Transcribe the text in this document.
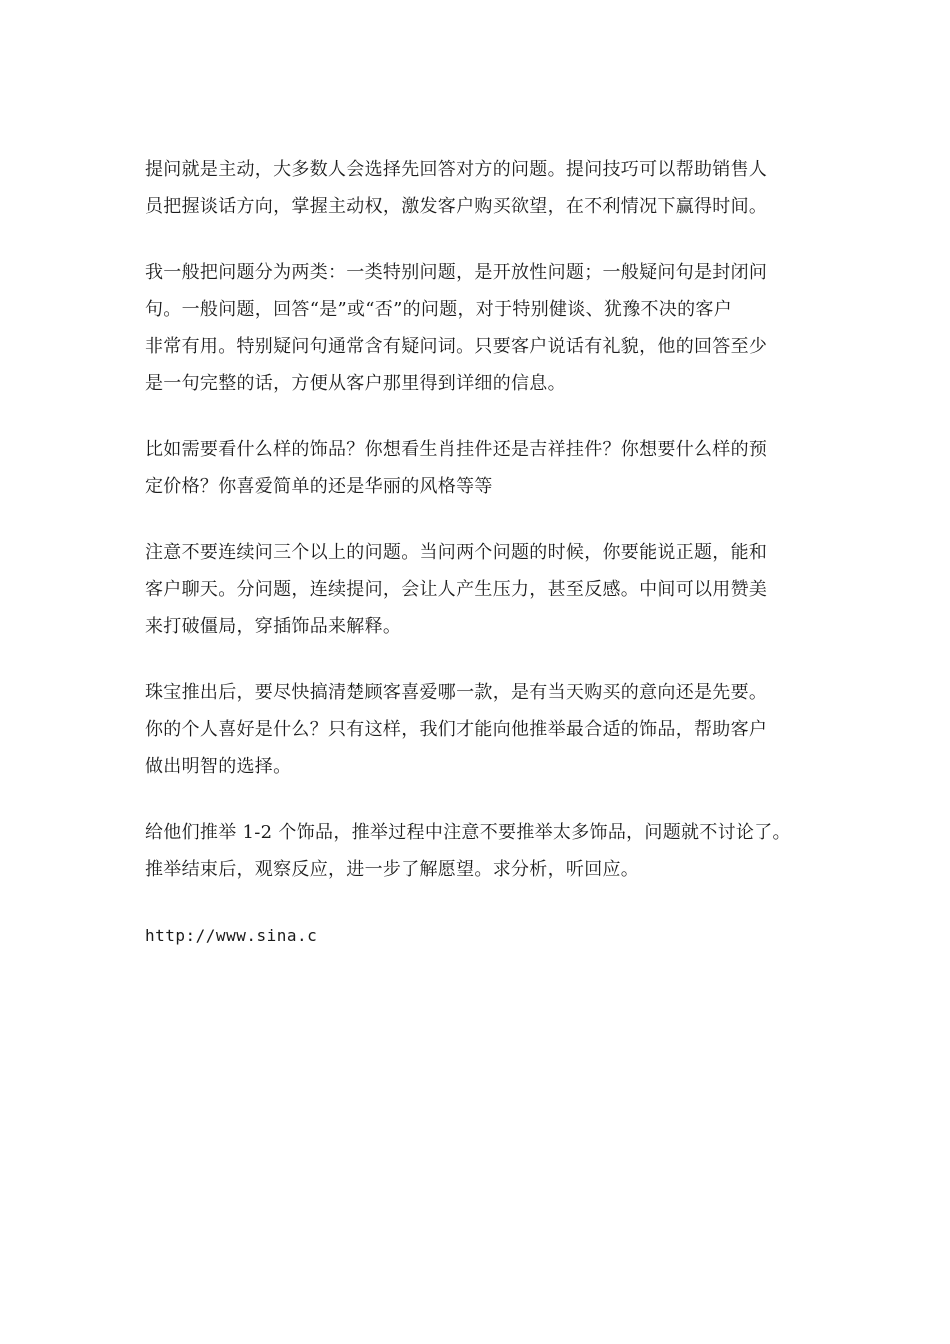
提问就是主动，大多数人会选择先回答对方的问题。提问技巧可以帮助销售人
员把握谈话方向，掌握主动权，激发客户购买欲望，在不利情况下赢得时间。

我一般把问题分为两类：一类特别问题，是开放性问题；一般疑问句是封闭问
句。一般问题，回答“是”或“否”的问题，对于特别健谈、犹豫不决的客户
非常有用。特别疑问句通常含有疑问词。只要客户说话有礼貌，他的回答至少
是一句完整的话，方便从客户那里得到详细的信息。

比如需要看什么样的饰品？你想看生肖挂件还是吉祥挂件？你想要什么样的预
定价格？你喜爱简单的还是华丽的风格等等

注意不要连续问三个以上的问题。当问两个问题的时候，你要能说正题，能和
客户聊天。分问题，连续提问，会让人产生压力，甚至反感。中间可以用赞美
来打破僵局，穿插饰品来解释。

珠宝推出后，要尽快搞清楚顾客喜爱哪一款，是有当天购买的意向还是先要。
你的个人喜好是什么？只有这样，我们才能向他推举最合适的饰品，帮助客户
做出明智的选择。

给他们推举 1-2 个饰品，推举过程中注意不要推举太多饰品，问题就不讨论了。
推举结束后，观察反应，进一步了解愿望。求分析，听回应。

http://www.sina.c
